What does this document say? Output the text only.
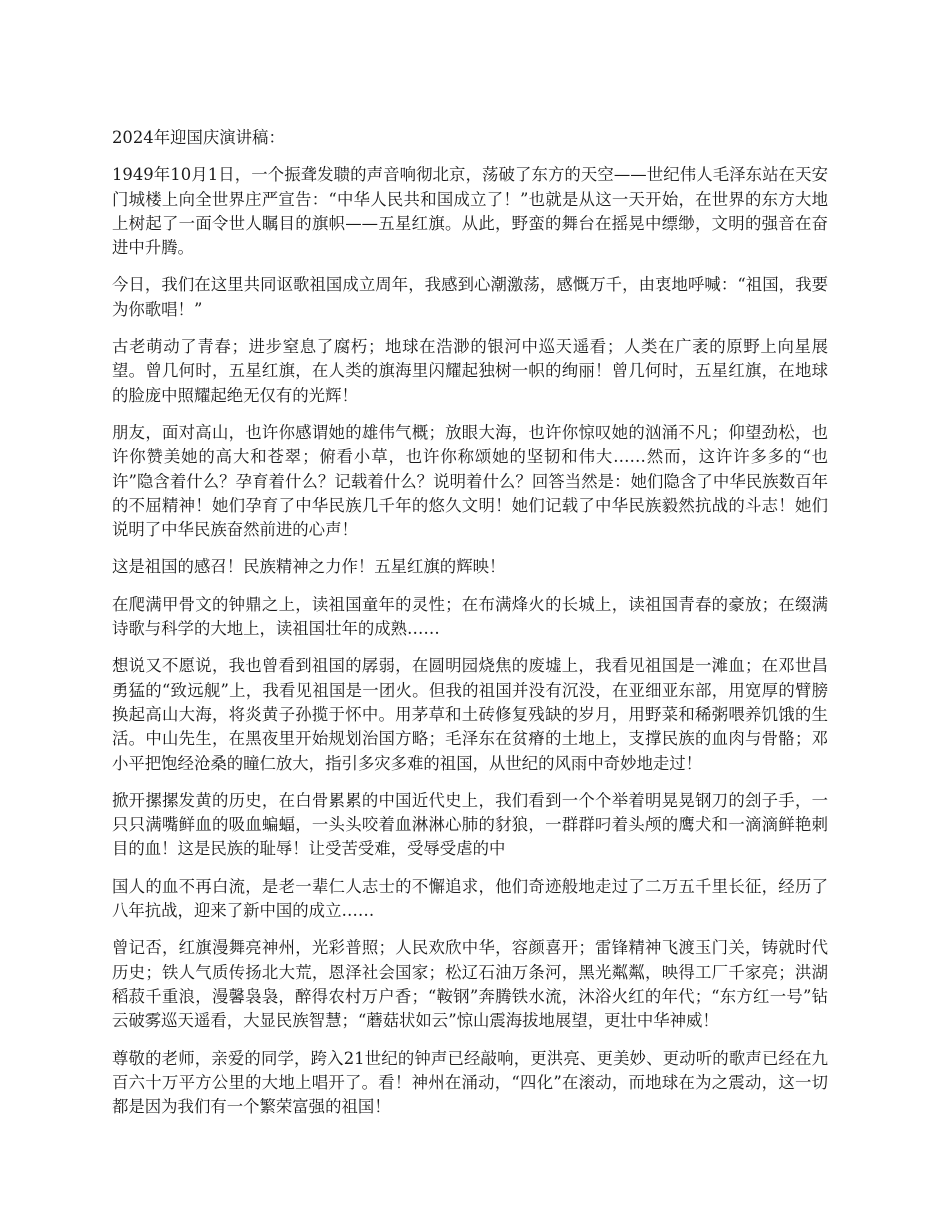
2024年迎国庆演讲稿：

1949年10月1日，一个振聋发聩的声音响彻北京，荡破了东方的天空——世纪伟人毛泽东站在天安门城楼上向全世界庄严宣告：“中华人民共和国成立了！”也就是从这一天开始，在世界的东方大地上树起了一面令世人瞩目的旗帜——五星红旗。从此，野蛮的舞台在摇晃中缥缈，文明的强音在奋进中升腾。

今日，我们在这里共同讴歌祖国成立周年，我感到心潮激荡，感慨万千，由衷地呼喊：“祖国，我要为你歌唱！”

古老萌动了青春；进步窒息了腐朽；地球在浩渺的银河中巡天遥看；人类在广袤的原野上向星展望。曾几何时，五星红旗，在人类的旗海里闪耀起独树一帜的绚丽！曾几何时，五星红旗，在地球的脸庞中照耀起绝无仅有的光辉！

朋友，面对高山，也许你感谓她的雄伟气概；放眼大海，也许你惊叹她的汹涌不凡；仰望劲松，也许你赞美她的高大和苍翠；俯看小草，也许你称颂她的坚韧和伟大……然而，这许许多多的“也许”隐含着什么？孕育着什么？记载着什么？说明着什么？回答当然是：她们隐含了中华民族数百年的不屈精神！她们孕育了中华民族几千年的悠久文明！她们记载了中华民族毅然抗战的斗志！她们说明了中华民族奋然前进的心声！

这是祖国的感召！民族精神之力作！五星红旗的辉映！

在爬满甲骨文的钟鼎之上，读祖国童年的灵性；在布满烽火的长城上，读祖国青春的豪放；在缀满诗歌与科学的大地上，读祖国壮年的成熟……

想说又不愿说，我也曾看到祖国的孱弱，在圆明园烧焦的废墟上，我看见祖国是一滩血；在邓世昌勇猛的“致远舰”上，我看见祖国是一团火。但我的祖国并没有沉没，在亚细亚东部，用宽厚的臂膀换起高山大海，将炎黄子孙揽于怀中。用茅草和土砖修复残缺的岁月，用野菜和稀粥喂养饥饿的生活。中山先生，在黑夜里开始规划治国方略；毛泽东在贫瘠的土地上，支撑民族的血肉与骨骼；邓小平把饱经沧桑的瞳仁放大，指引多灾多难的祖国，从世纪的风雨中奇妙地走过！

掀开摞摞发黄的历史，在白骨累累的中国近代史上，我们看到一个个举着明晃晃钢刀的刽子手，一只只满嘴鲜血的吸血蝙蝠，一头头咬着血淋淋心肺的豺狼，一群群叼着头颅的鹰犬和一滴滴鲜艳刺目的血！这是民族的耻辱！让受苦受难，受辱受虐的中

国人的血不再白流，是老一辈仁人志士的不懈追求，他们奇迹般地走过了二万五千里长征，经历了八年抗战，迎来了新中国的成立……

曾记否，红旗漫舞亮神州，光彩普照；人民欢欣中华，容颜喜开；雷锋精神飞渡玉门关，铸就时代历史；铁人气质传扬北大荒，恩泽社会国家；松辽石油万条河，黑光粼粼，映得工厂千家亮；洪湖稻菽千重浪，漫馨袅袅，醉得农村万户香；“鞍钢”奔腾铁水流，沐浴火红的年代；“东方红一号”钻云破雾巡天遥看，大显民族智慧；“蘑菇状如云”惊山震海拔地展望，更壮中华神威！

尊敬的老师，亲爱的同学，跨入21世纪的钟声已经敲响，更洪亮、更美妙、更动听的歌声已经在九百六十万平方公里的大地上唱开了。看！神州在涌动，“四化”在滚动，而地球在为之震动，这一切都是因为我们有一个繁荣富强的祖国！
